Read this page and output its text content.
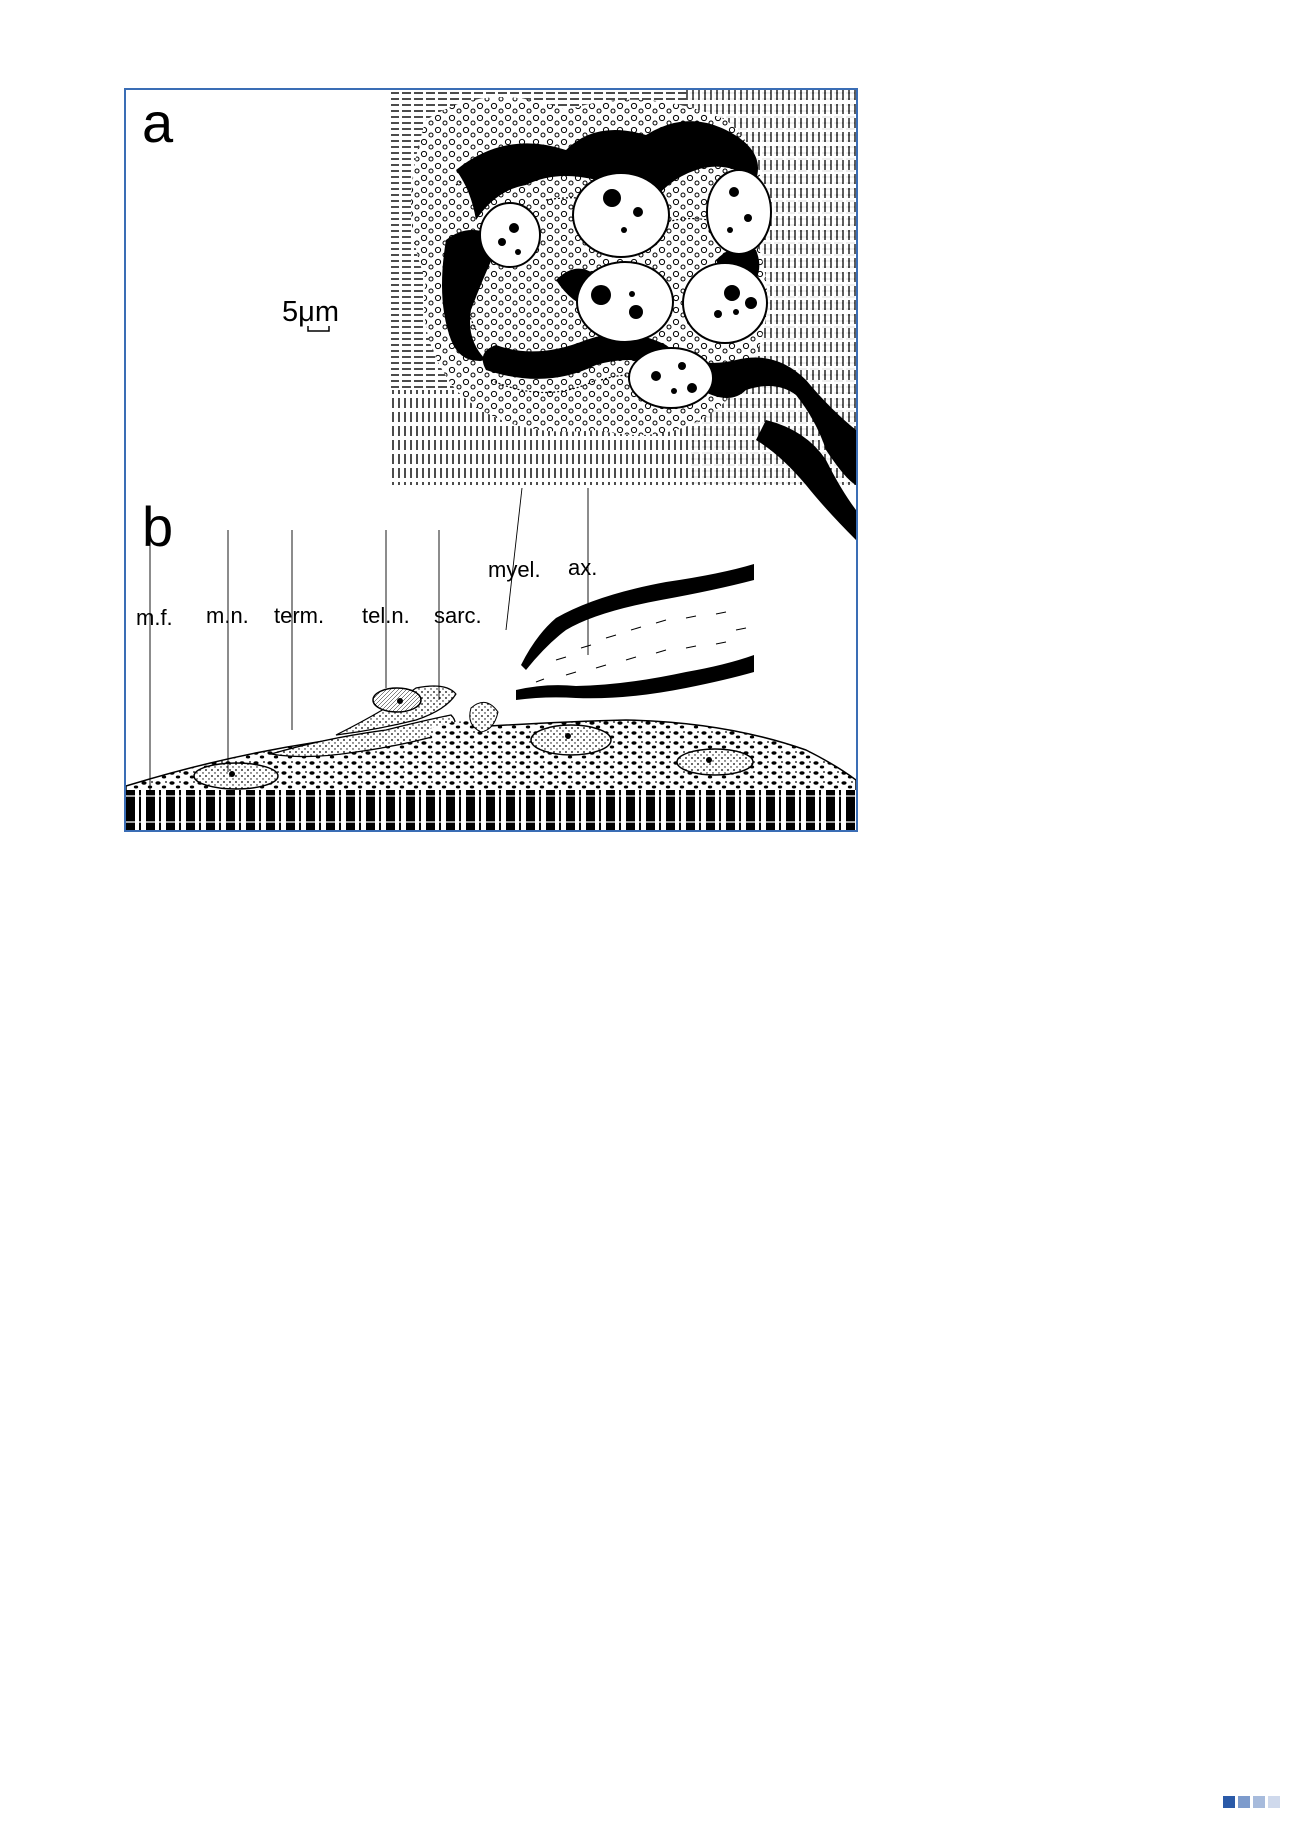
a
5μm
b
m.f. m.n. term. tel.n. sarc.
myel. ax.
